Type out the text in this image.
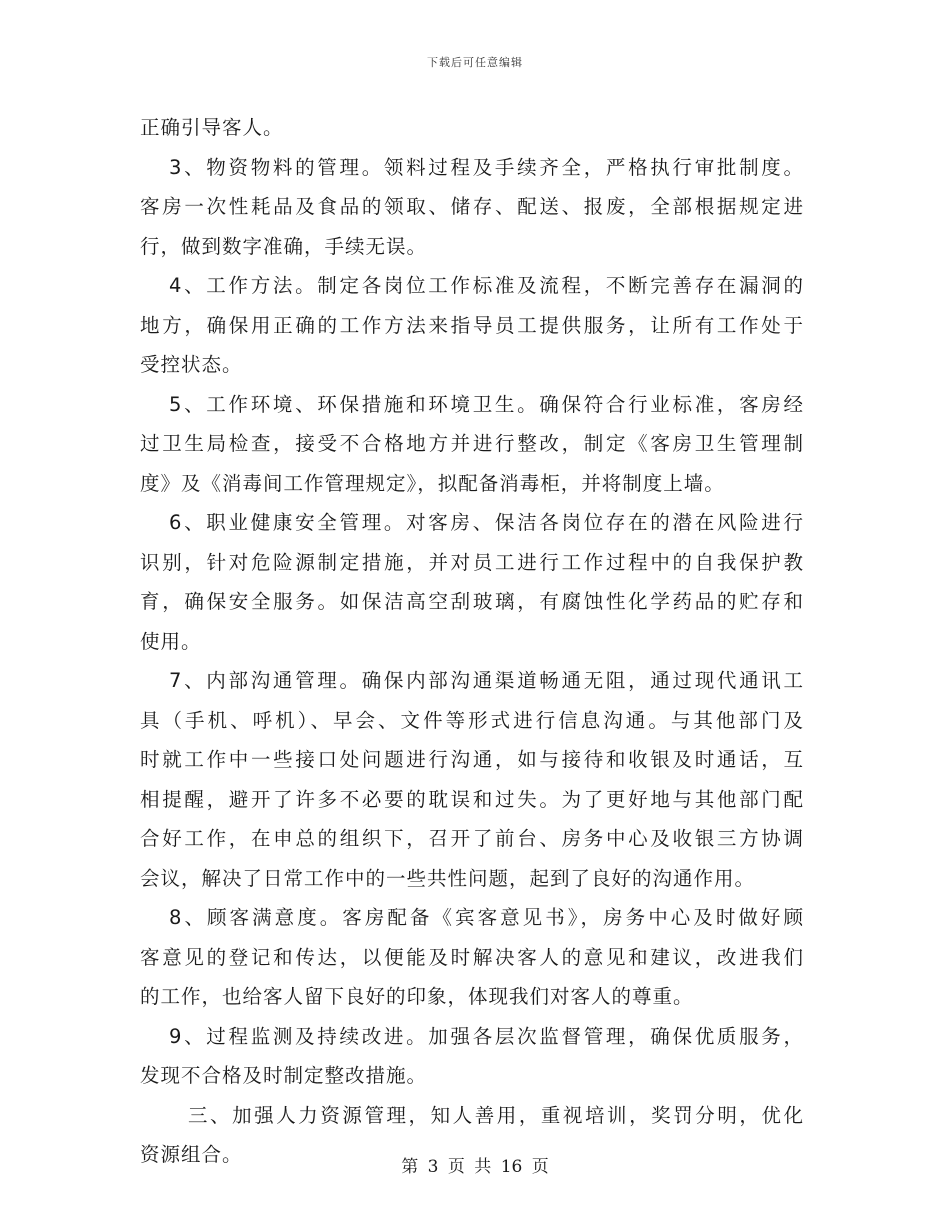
下载后可任意编辑
正确引导客人。
3、物资物料的管理。领料过程及手续齐全，严格执行审批制度。
客房一次性耗品及食品的领取、储存、配送、报废，全部根据规定进
行，做到数字准确，手续无误。
4、工作方法。制定各岗位工作标准及流程，不断完善存在漏洞的
地方，确保用正确的工作方法来指导员工提供服务，让所有工作处于
受控状态。
5、工作环境、环保措施和环境卫生。确保符合行业标准，客房经
过卫生局检查，接受不合格地方并进行整改，制定《客房卫生管理制
度》及《消毒间工作管理规定》，拟配备消毒柜，并将制度上墙。
6、职业健康安全管理。对客房、保洁各岗位存在的潜在风险进行
识别，针对危险源制定措施，并对员工进行工作过程中的自我保护教
育，确保安全服务。如保洁高空刮玻璃，有腐蚀性化学药品的贮存和
使用。
7、内部沟通管理。确保内部沟通渠道畅通无阻，通过现代通讯工
具（手机、呼机）、早会、文件等形式进行信息沟通。与其他部门及
时就工作中一些接口处问题进行沟通，如与接待和收银及时通话，互
相提醒，避开了许多不必要的耽误和过失。为了更好地与其他部门配
合好工作，在申总的组织下，召开了前台、房务中心及收银三方协调
会议，解决了日常工作中的一些共性问题，起到了良好的沟通作用。
8、顾客满意度。客房配备《宾客意见书》，房务中心及时做好顾
客意见的登记和传达，以便能及时解决客人的意见和建议，改进我们
的工作，也给客人留下良好的印象，体现我们对客人的尊重。
9、过程监测及持续改进。加强各层次监督管理，确保优质服务，
发现不合格及时制定整改措施。
三、加强人力资源管理，知人善用，重视培训，奖罚分明，优化
资源组合。
第 3 页 共 16 页
